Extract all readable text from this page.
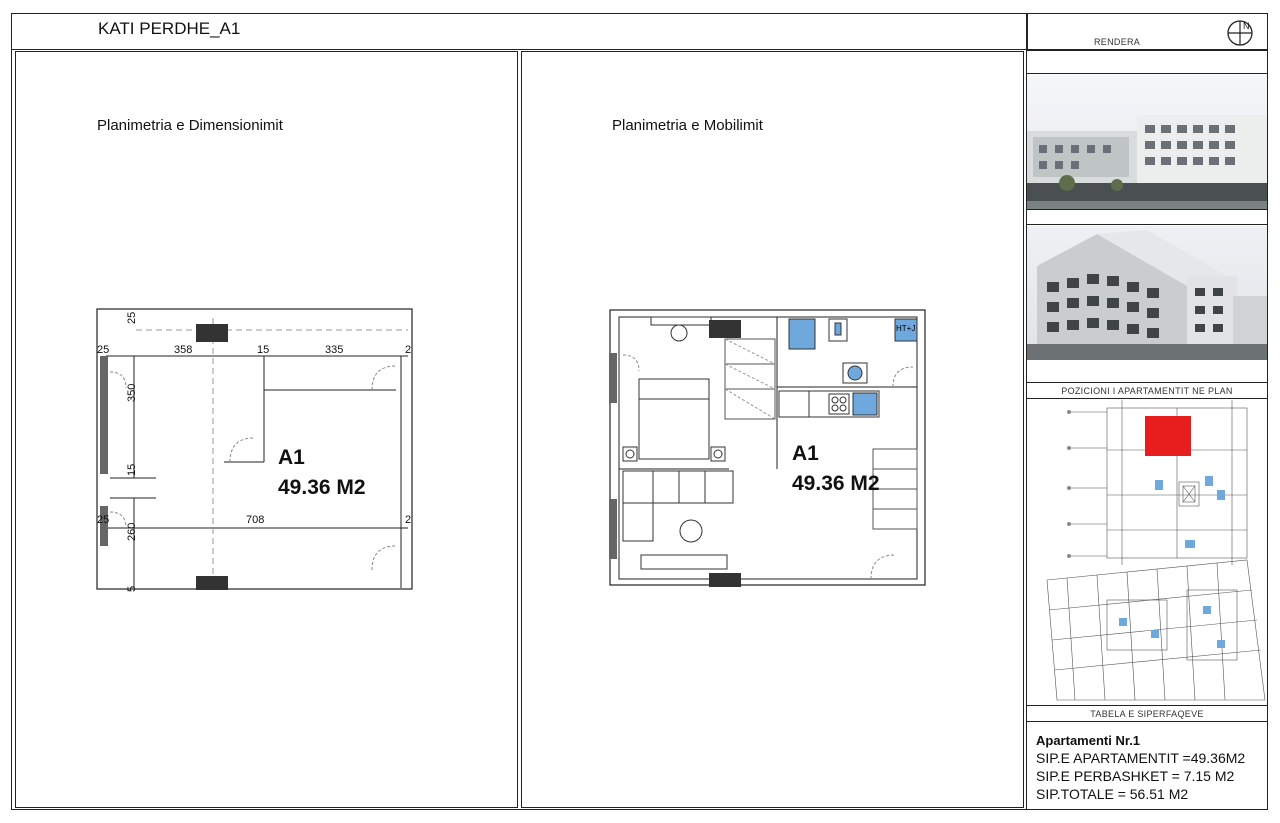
KATI PERDHE_A1
Planimetria e Dimensionimit
25	358	15	335	2
708
25	2
25
350
15
260
5
A1
49.36 M2
Planimetria e Mobilimit
HT+J
A1
49.36 M2
RENDERA
N
POZICIONI I APARTAMENTIT NE PLAN
TABELA E SIPERFAQEVE
Apartamenti Nr.1
SIP.E APARTAMENTIT =49.36M2
SIP.E PERBASHKET = 7.15 M2
SIP.TOTALE = 56.51 M2
